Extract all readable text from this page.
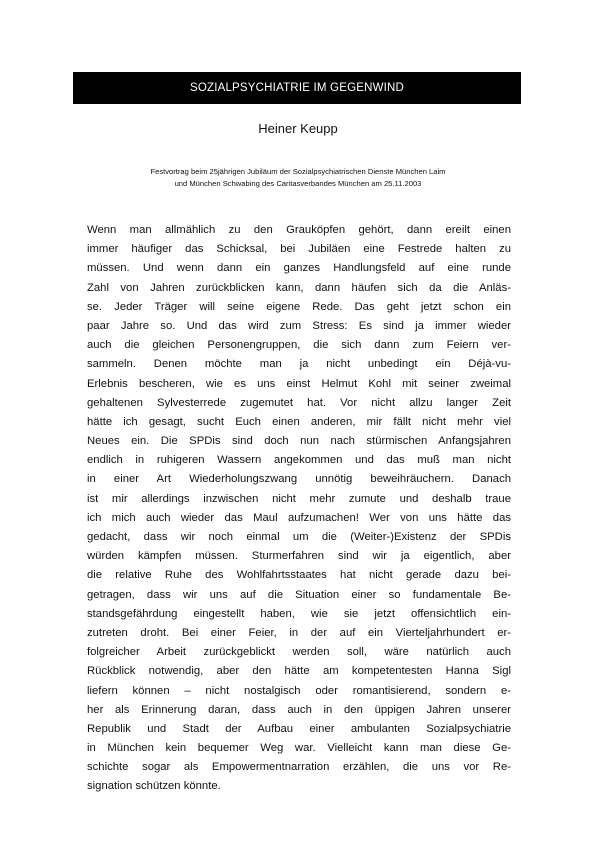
SOZIALPSYCHIATRIE IM GEGENWIND
Heiner Keupp
Festvortrag beim 25jährigen Jubiläum der Sozialpsychiatrischen Dienste München Laim
und München Schwabing des Caritasverbandes München am 25.11.2003
Wenn man allmählich zu den Grauköpfen gehört, dann ereilt einen
immer häufiger das Schicksal, bei Jubiläen eine Festrede halten zu
müssen. Und wenn dann ein ganzes Handlungsfeld auf eine runde
Zahl von Jahren zurückblicken kann, dann häufen sich da die Anläs-
se. Jeder Träger will seine eigene Rede. Das geht jetzt schon ein
paar Jahre so. Und das wird zum Stress: Es sind ja immer wieder
auch die gleichen Personengruppen, die sich dann zum Feiern ver-
sammeln. Denen möchte man ja nicht unbedingt ein Déjà-vu-
Erlebnis bescheren, wie es uns einst Helmut Kohl mit seiner zweimal
gehaltenen Sylvesterrede zugemutet hat. Vor nicht allzu langer Zeit
hätte ich gesagt, sucht Euch einen anderen, mir fällt nicht mehr viel
Neues ein. Die SPDis sind doch nun nach stürmischen Anfangsjahren
endlich in ruhigeren Wassern angekommen und das muß man nicht
in einer Art Wiederholungszwang unnötig beweihräuchern. Danach
ist mir allerdings inzwischen nicht mehr zumute und deshalb traue
ich mich auch wieder das Maul aufzumachen! Wer von uns hätte das
gedacht, dass wir noch einmal um die (Weiter-)Existenz der SPDis
würden kämpfen müssen. Sturmerfahren sind wir ja eigentlich, aber
die relative Ruhe des Wohlfahrtsstaates hat nicht gerade dazu bei-
getragen, dass wir uns auf die Situation einer so fundamentale Be-
standsgefährdung eingestellt haben, wie sie jetzt offensichtlich ein-
zutreten droht. Bei einer Feier, in der auf ein Vierteljahrhundert er-
folgreicher Arbeit zurückgeblickt werden soll, wäre natürlich auch
Rückblick notwendig, aber den hätte am kompetentesten Hanna Sigl
liefern können – nicht nostalgisch oder romantisierend, sondern e-
her als Erinnerung daran, dass auch in den üppigen Jahren unserer
Republik und Stadt der Aufbau einer ambulanten Sozialpsychiatrie
in München kein bequemer Weg war. Vielleicht kann man diese Ge-
schichte sogar als Empowermentnarration erzählen, die uns vor Re-
signation schützen könnte.
